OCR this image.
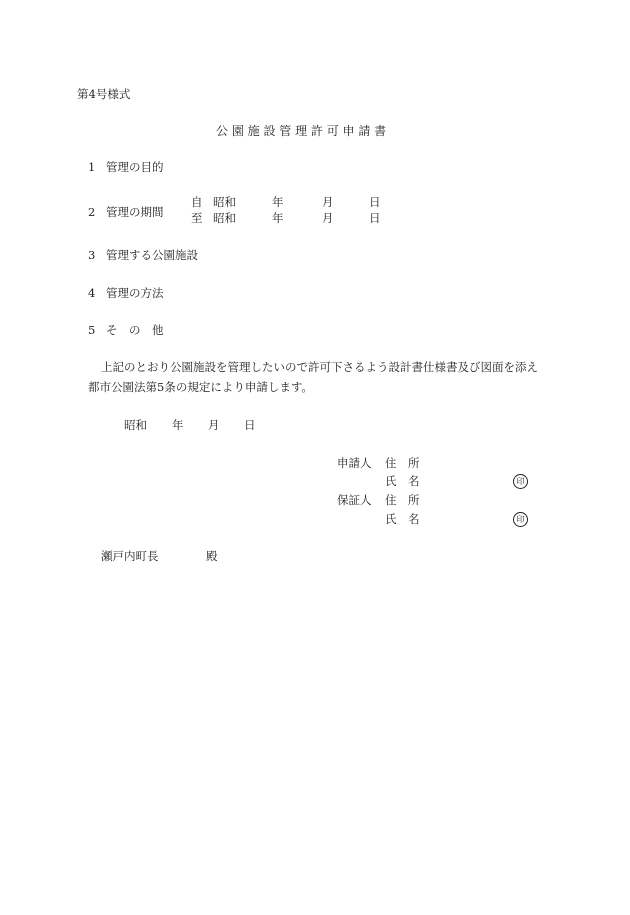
第4号様式
公 園 施 設 管 理 許 可 申 請 書
1 管理の目的
2 管理の期間
自 昭和	年	月	日
至 昭和	年	月	日
3 管理する公園施設
4 管理の方法
5 そ　の　他
上記のとおり公園施設を管理したいので許可下さるよう設計書仕様書及び図面を添え
都市公園法第5条の規定により申請します。
昭和 年 月 日
申請人 住　所
氏　名	印
保証人 住　所
氏　名	印
瀬戸内町長	殿
